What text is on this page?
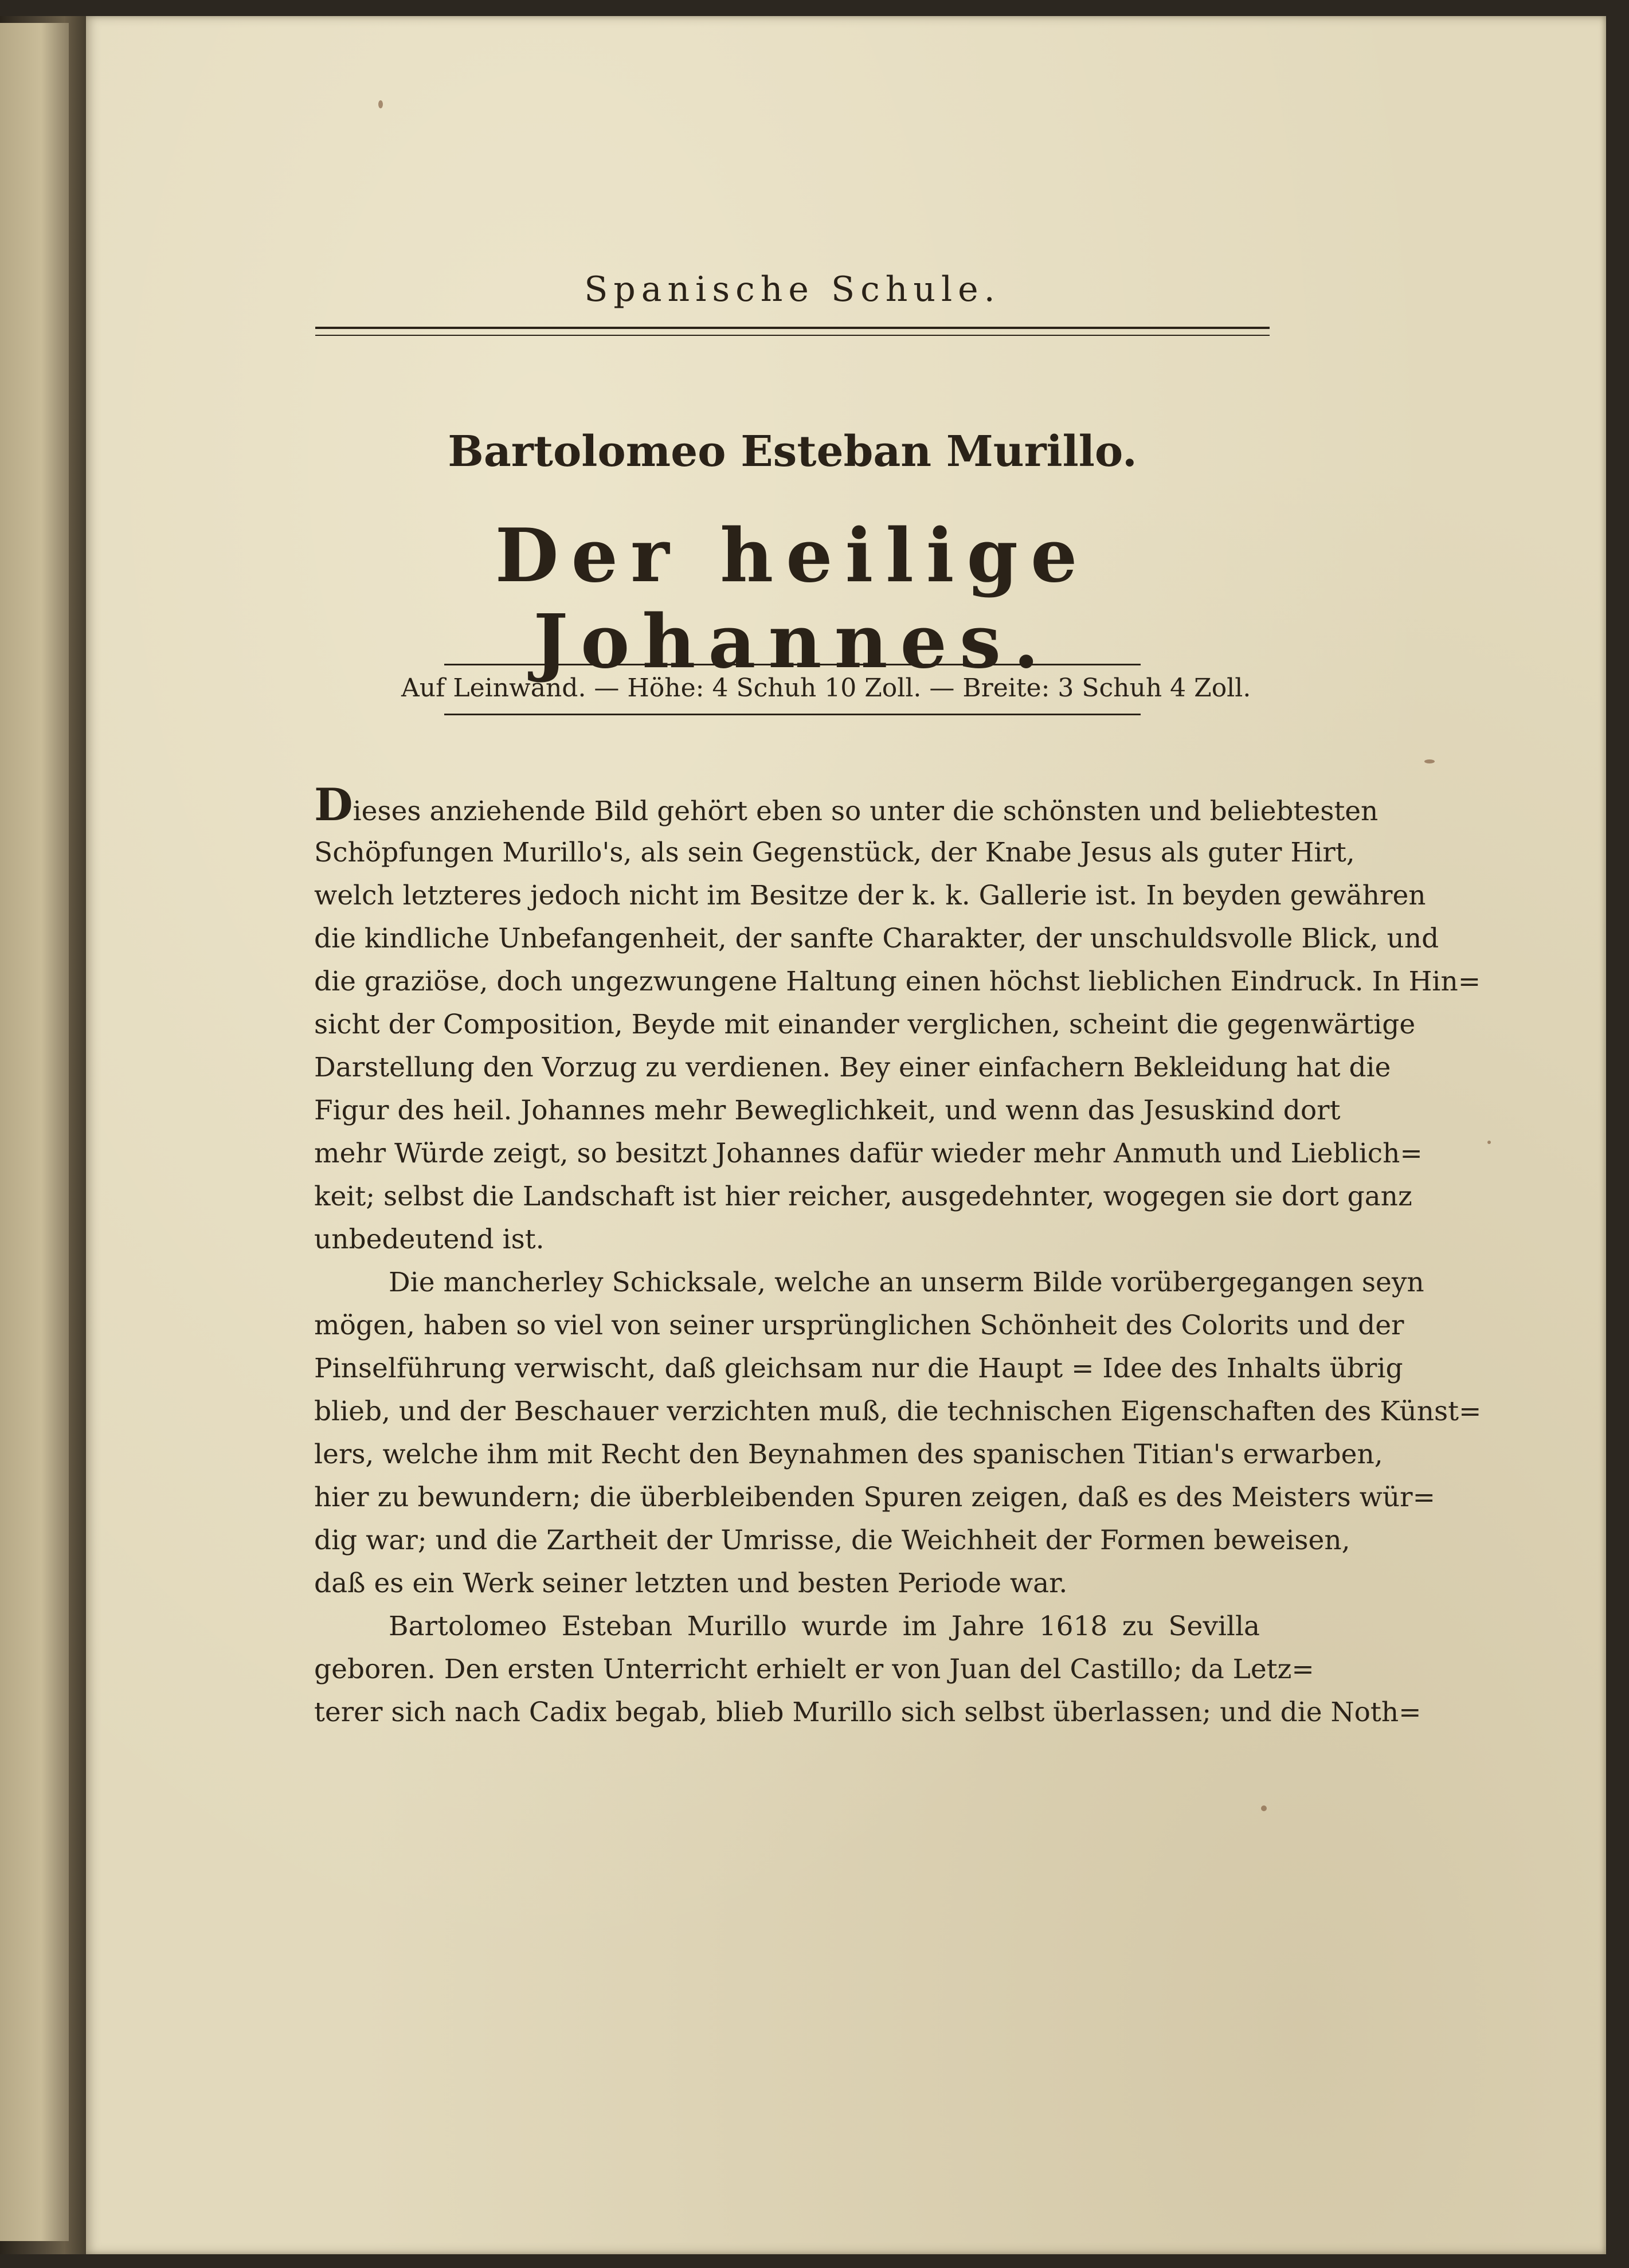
Spanische Schule.
Bartolomeo Esteban Murillo.
Der heilige Johannes.
Auf Leinwand. — Höhe: 4 Schuh 10 Zoll. — Breite: 3 Schuh 4 Zoll.
Dieses anziehende Bild gehört eben so unter die schönsten und beliebtesten
Schöpfungen Murillo's, als sein Gegenstück, der Knabe Jesus als guter Hirt,
welch letzteres jedoch nicht im Besitze der k. k. Gallerie ist. In beyden gewähren
die kindliche Unbefangenheit, der sanfte Charakter, der unschuldsvolle Blick, und
die graziöse, doch ungezwungene Haltung einen höchst lieblichen Eindruck. In Hin=
sicht der Composition, Beyde mit einander verglichen, scheint die gegenwärtige
Darstellung den Vorzug zu verdienen. Bey einer einfachern Bekleidung hat die
Figur des heil. Johannes mehr Beweglichkeit, und wenn das Jesuskind dort
mehr Würde zeigt, so besitzt Johannes dafür wieder mehr Anmuth und Lieblich=
keit; selbst die Landschaft ist hier reicher, ausgedehnter, wogegen sie dort ganz
unbedeutend ist.
Die mancherley Schicksale, welche an unserm Bilde vorübergegangen seyn
mögen, haben so viel von seiner ursprünglichen Schönheit des Colorits und der
Pinselführung verwischt, daß gleichsam nur die Haupt = Idee des Inhalts übrig
blieb, und der Beschauer verzichten muß, die technischen Eigenschaften des Künst=
lers, welche ihm mit Recht den Beynahmen des spanischen Titian's erwarben,
hier zu bewundern; die überbleibenden Spuren zeigen, daß es des Meisters wür=
dig war; und die Zartheit der Umrisse, die Weichheit der Formen beweisen,
daß es ein Werk seiner letzten und besten Periode war.
Bartolomeo Esteban Murillo wurde im Jahre 1618 zu Sevilla
geboren. Den ersten Unterricht erhielt er von Juan del Castillo; da Letz=
terer sich nach Cadix begab, blieb Murillo sich selbst überlassen; und die Noth=
